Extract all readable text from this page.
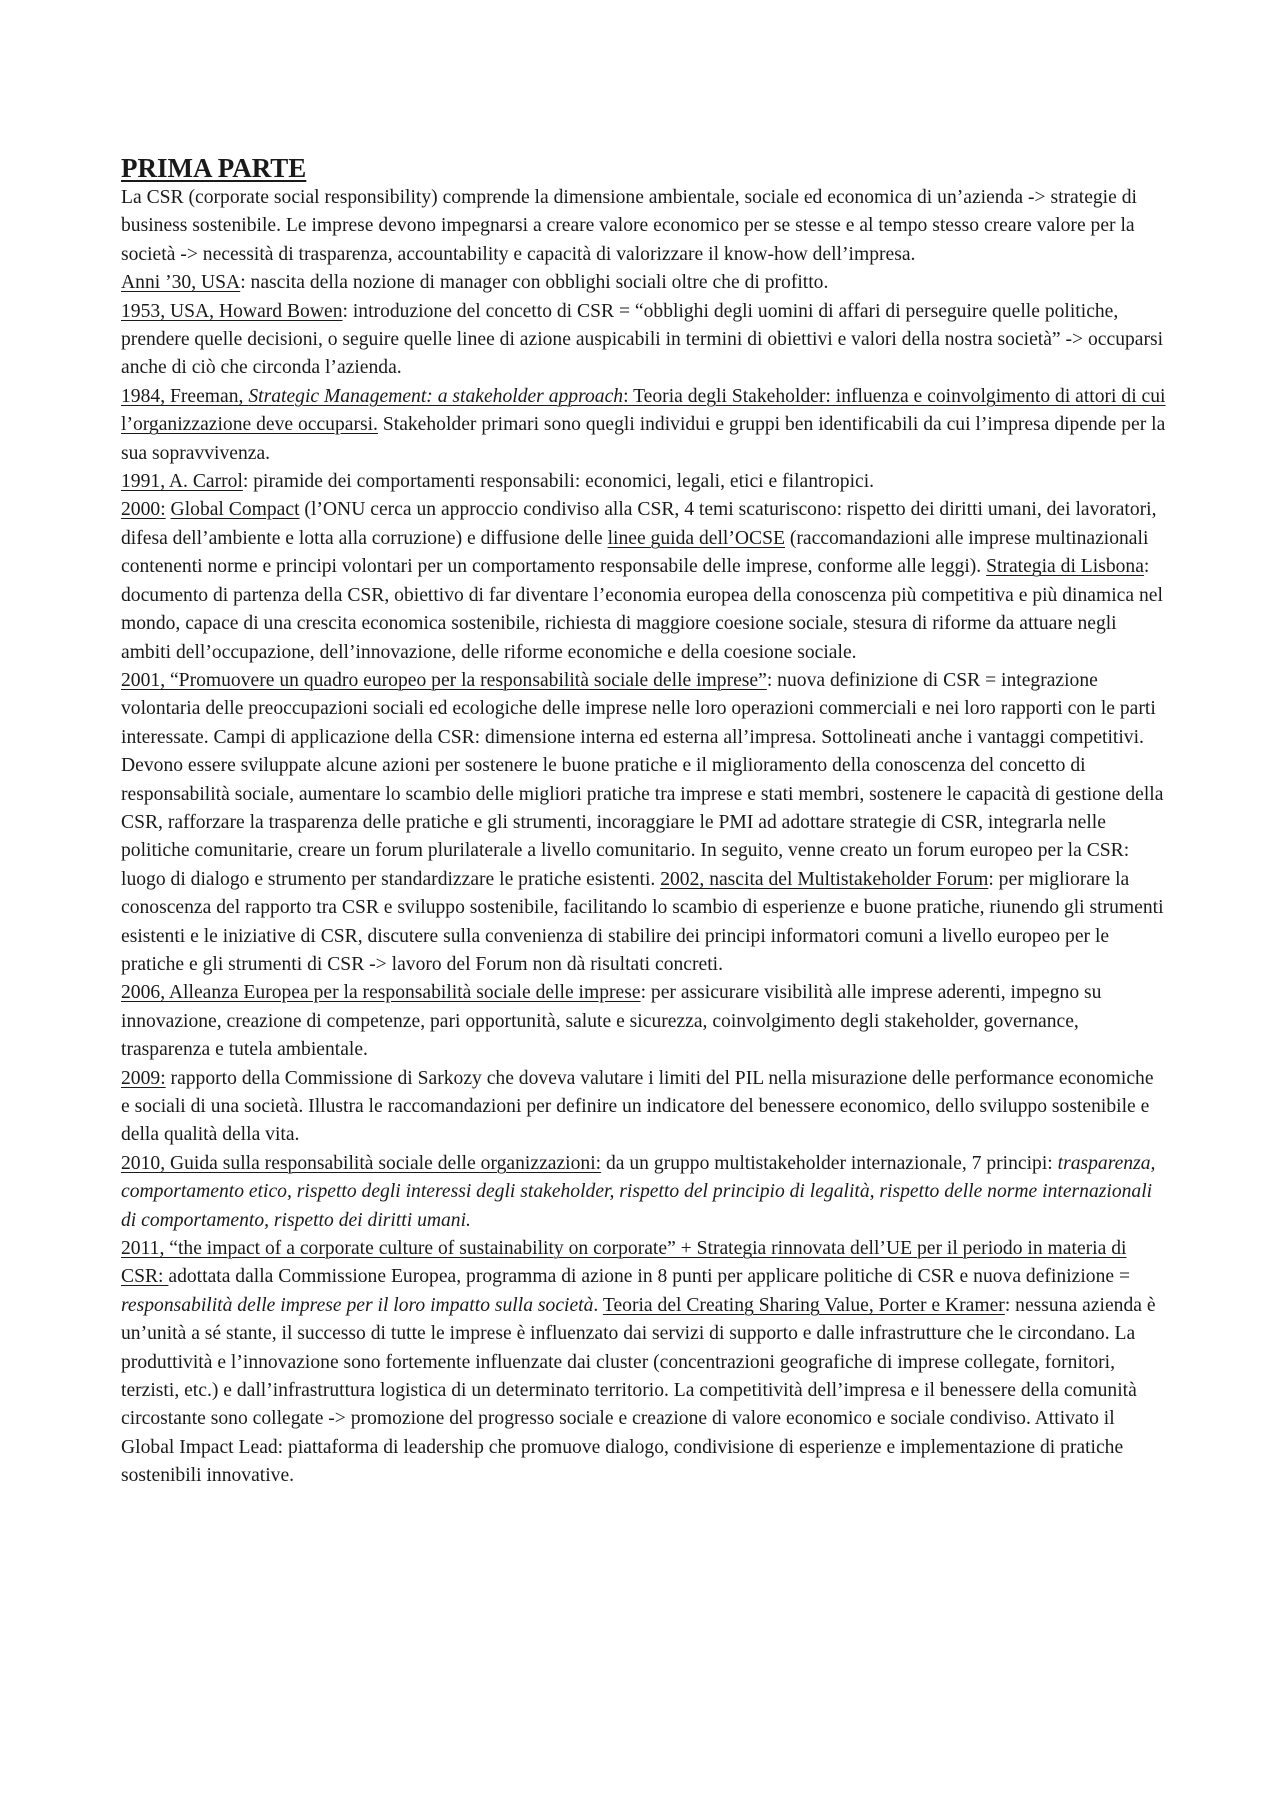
PRIMA PARTE

La CSR (corporate social responsibility) comprende la dimensione ambientale, sociale ed economica di un’azienda -> strategie di business sostenibile. Le imprese devono impegnarsi a creare valore economico per se stesse e al tempo stesso creare valore per la società -> necessità di trasparenza, accountability e capacità di valorizzare il know-how dell’impresa.

Anni ’30, USA: nascita della nozione di manager con obblighi sociali oltre che di profitto.

1953, USA, Howard Bowen: introduzione del concetto di CSR = “obblighi degli uomini di affari di perseguire quelle politiche, prendere quelle decisioni, o seguire quelle linee di azione auspicabili in termini di obiettivi e valori della nostra società” -> occuparsi anche di ciò che circonda l’azienda.

1984, Freeman, Strategic Management: a stakeholder approach: Teoria degli Stakeholder: influenza e coinvolgimento di attori di cui l’organizzazione deve occuparsi. Stakeholder primari sono quegli individui e gruppi ben identificabili da cui l’impresa dipende per la sua sopravvivenza.

1991, A. Carrol: piramide dei comportamenti responsabili: economici, legali, etici e filantropici.

2000: Global Compact (l’ONU cerca un approccio condiviso alla CSR, 4 temi scaturiscono: rispetto dei diritti umani, dei lavoratori, difesa dell’ambiente e lotta alla corruzione) e diffusione delle linee guida dell’OCSE (raccomandazioni alle imprese multinazionali contenenti norme e principi volontari per un comportamento responsabile delle imprese, conforme alle leggi). Strategia di Lisbona: documento di partenza della CSR, obiettivo di far diventare l’economia europea della conoscenza più competitiva e più dinamica nel mondo, capace di una crescita economica sostenibile, richiesta di maggiore coesione sociale, stesura di riforme da attuare negli ambiti dell’occupazione, dell’innovazione, delle riforme economiche e della coesione sociale.

2001, “Promuovere un quadro europeo per la responsabilità sociale delle imprese”: nuova definizione di CSR = integrazione volontaria delle preoccupazioni sociali ed ecologiche delle imprese nelle loro operazioni commerciali e nei loro rapporti con le parti interessate. Campi di applicazione della CSR: dimensione interna ed esterna all’impresa. Sottolineati anche i vantaggi competitivi. Devono essere sviluppate alcune azioni per sostenere le buone pratiche e il miglioramento della conoscenza del concetto di responsabilità sociale, aumentare lo scambio delle migliori pratiche tra imprese e stati membri, sostenere le capacità di gestione della CSR, rafforzare la trasparenza delle pratiche e gli strumenti, incoraggiare le PMI ad adottare strategie di CSR, integrarla nelle politiche comunitarie, creare un forum plurilaterale a livello comunitario. In seguito, venne creato un forum europeo per la CSR: luogo di dialogo e strumento per standardizzare le pratiche esistenti. 2002, nascita del Multistakeholder Forum: per migliorare la conoscenza del rapporto tra CSR e sviluppo sostenibile, facilitando lo scambio di esperienze e buone pratiche, riunendo gli strumenti esistenti e le iniziative di CSR, discutere sulla convenienza di stabilire dei principi informatori comuni a livello europeo per le pratiche e gli strumenti di CSR -> lavoro del Forum non dà risultati concreti.

2006, Alleanza Europea per la responsabilità sociale delle imprese: per assicurare visibilità alle imprese aderenti, impegno su innovazione, creazione di competenze, pari opportunità, salute e sicurezza, coinvolgimento degli stakeholder, governance, trasparenza e tutela ambientale.

2009: rapporto della Commissione di Sarkozy che doveva valutare i limiti del PIL nella misurazione delle performance economiche e sociali di una società. Illustra le raccomandazioni per definire un indicatore del benessere economico, dello sviluppo sostenibile e della qualità della vita.

2010, Guida sulla responsabilità sociale delle organizzazioni: da un gruppo multistakeholder internazionale, 7 principi: trasparenza, comportamento etico, rispetto degli interessi degli stakeholder, rispetto del principio di legalità, rispetto delle norme internazionali di comportamento, rispetto dei diritti umani.

2011, “the impact of a corporate culture of sustainability on corporate” + Strategia rinnovata dell’UE per il periodo in materia di CSR: adottata dalla Commissione Europea, programma di azione in 8 punti per applicare politiche di CSR e nuova definizione = responsabilità delle imprese per il loro impatto sulla società. Teoria del Creating Sharing Value, Porter e Kramer: nessuna azienda è un’unità a sé stante, il successo di tutte le imprese è influenzato dai servizi di supporto e dalle infrastrutture che le circondano. La produttività e l’innovazione sono fortemente influenzate dai cluster (concentrazioni geografiche di imprese collegate, fornitori, terzisti, etc.) e dall’infrastruttura logistica di un determinato territorio. La competitività dell’impresa e il benessere della comunità circostante sono collegate -> promozione del progresso sociale e creazione di valore economico e sociale condiviso. Attivato il Global Impact Lead: piattaforma di leadership che promuove dialogo, condivisione di esperienze e implementazione di pratiche sostenibili innovative.
